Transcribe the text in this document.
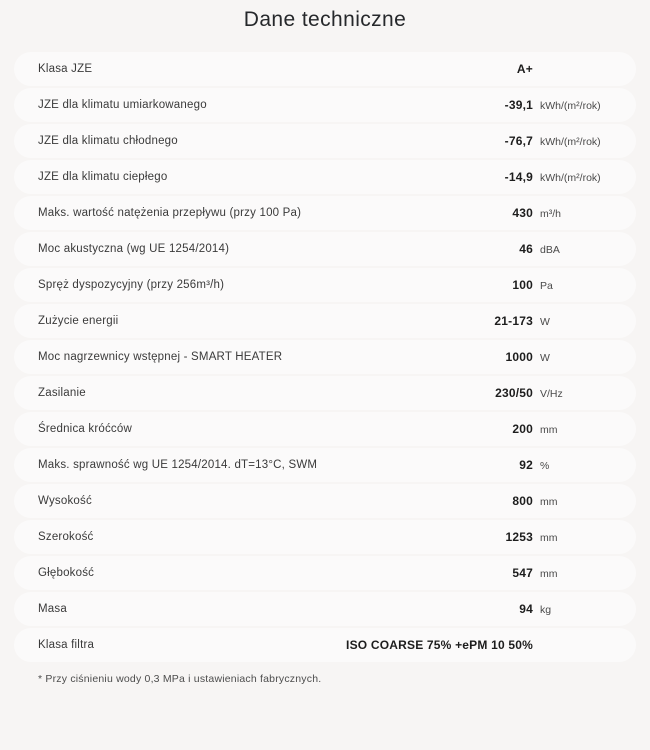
Dane techniczne
Klasa JZE	A+
JZE dla klimatu umiarkowanego	-39,1 kWh/(m²/rok)
JZE dla klimatu chłodnego	-76,7 kWh/(m²/rok)
JZE dla klimatu ciepłego	-14,9 kWh/(m²/rok)
Maks. wartość natężenia przepływu (przy 100 Pa)	430 m³/h
Moc akustyczna (wg UE 1254/2014)	46 dBA
Spręż dyspozycyjny (przy 256m³/h)	100 Pa
Zużycie energii	21-173 W
Moc nagrzewnicy wstępnej - SMART HEATER	1000 W
Zasilanie	230/50 V/Hz
Średnica króćców	200 mm
Maks. sprawność wg UE 1254/2014. dT=13°C, SWM	92 %
Wysokość	800 mm
Szerokość	1253 mm
Głębokość	547 mm
Masa	94 kg
Klasa filtra	ISO COARSE 75% +ePM 10 50%
* Przy ciśnieniu wody 0,3 MPa i ustawieniach fabrycznych.
